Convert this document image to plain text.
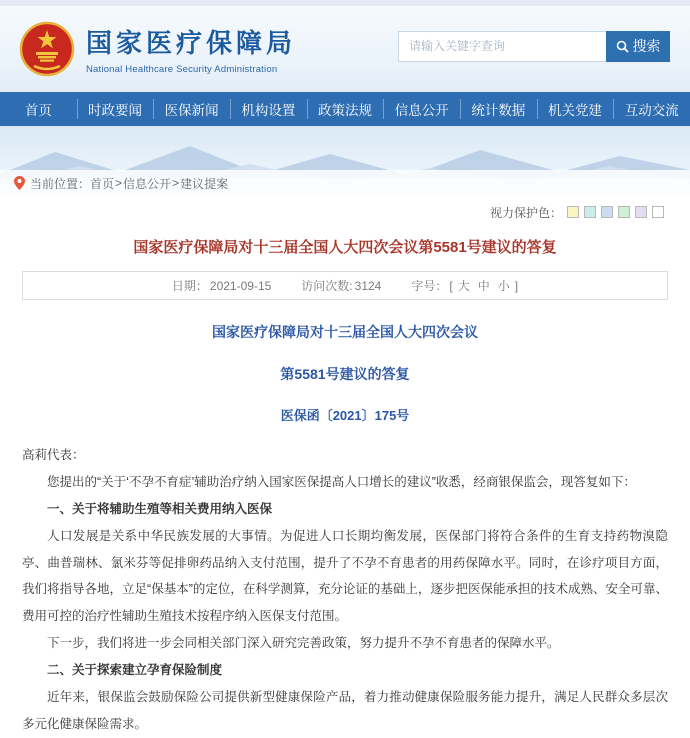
国家医疗保障局
National Healthcare Security Administration
请输入关键字查询
搜索
首页	时政要闻	医保新闻	机构设置	政策法规	信息公开	统计数据	机关党建	互动交流
当前位置： 首页 > 信息公开 > 建议提案
视力保护色：
国家医疗保障局对十三届全国人大四次会议第5581号建议的答复
日期： 2021-09-15	访问次数: 3124	字号： [ 大 中 小 ]
国家医疗保障局对十三届全国人大四次会议
第5581号建议的答复
医保函〔2021〕175号

高莉代表：

您提出的“关于‘不孕不育症’辅助治疗纳入国家医保提高人口增长的建议”收悉，经商银保监会，现答复如下：

一、关于将辅助生殖等相关费用纳入医保

人口发展是关系中华民族发展的大事情。为促进人口长期均衡发展，医保部门将符合条件的生育支持药物溴隐亭、曲普瑞林、氯米芬等促排卵药品纳入支付范围，提升了不孕不育患者的用药保障水平。同时，在诊疗项目方面，我们将指导各地，立足“保基本”的定位，在科学测算，充分论证的基础上，逐步把医保能承担的技术成熟、安全可靠、费用可控的治疗性辅助生殖技术按程序纳入医保支付范围。

下一步，我们将进一步会同相关部门深入研究完善政策，努力提升不孕不育患者的保障水平。

二、关于探索建立孕育保险制度

近年来，银保监会鼓励保险公司提供新型健康保险产品，着力推动健康保险服务能力提升，满足人民群众多层次多元化健康保险需求。
